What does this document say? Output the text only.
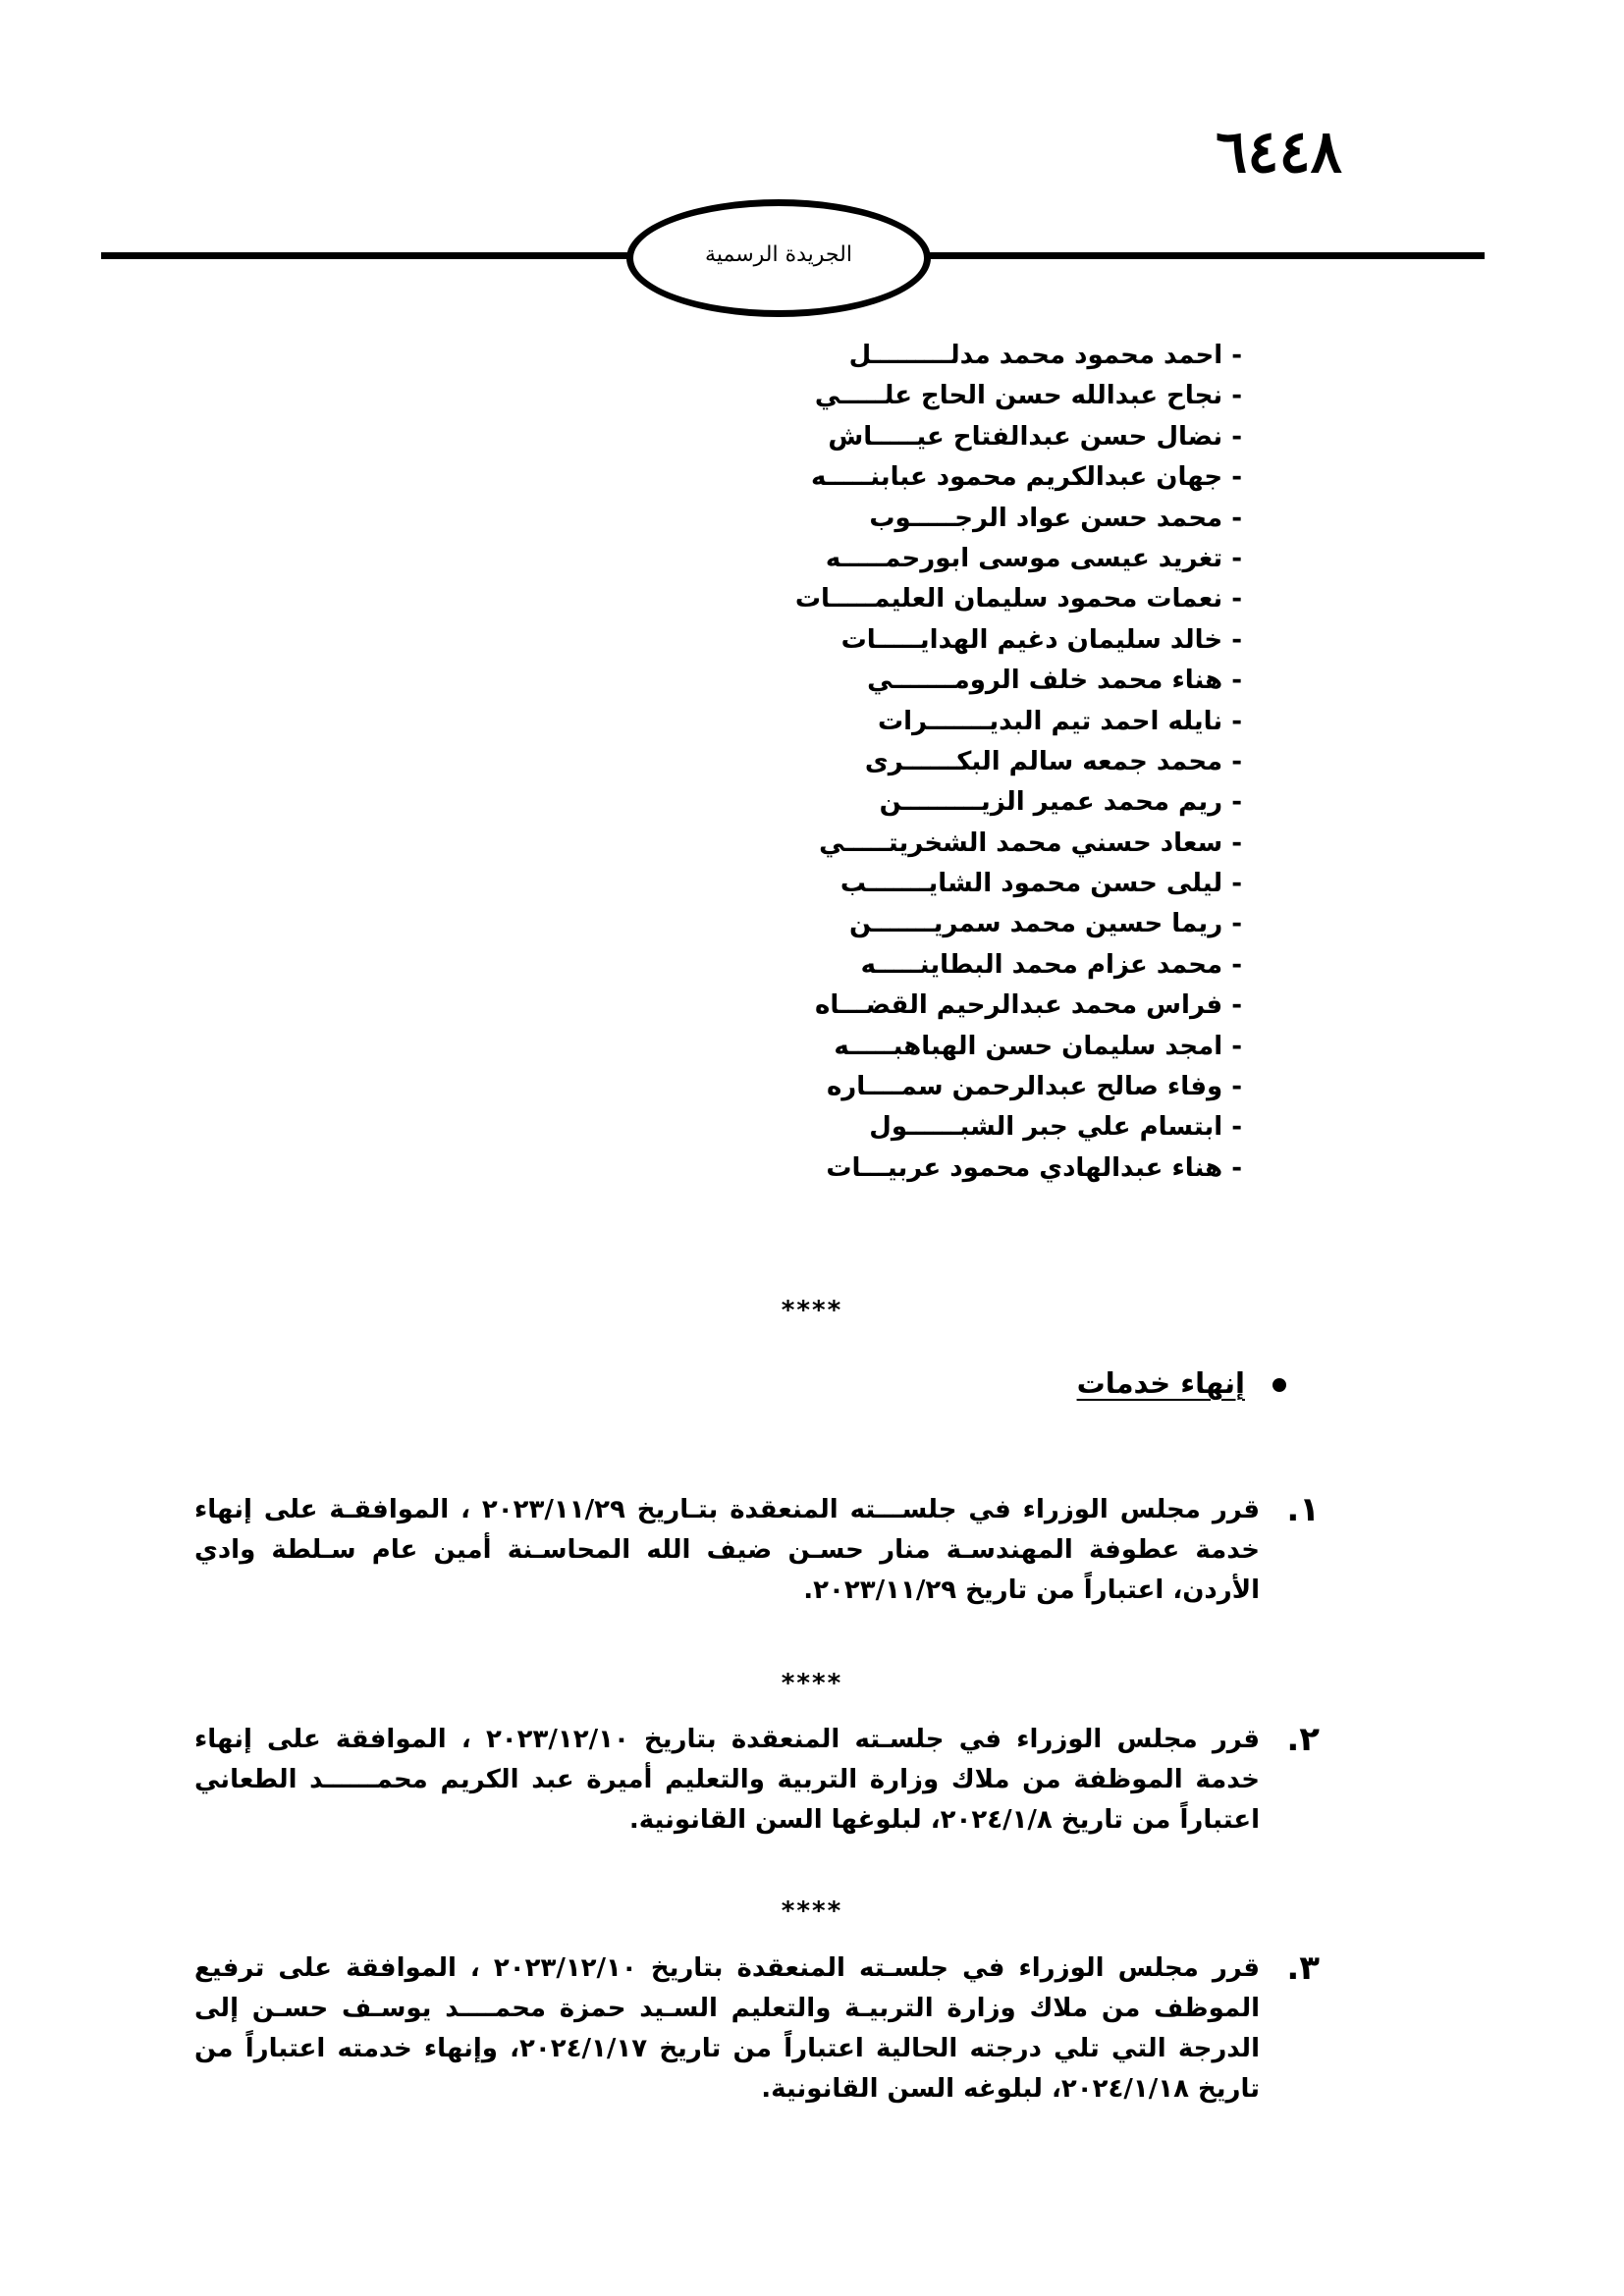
٦٤٤٨
الجريدة الرسمية
- احمد محمود محمد مدلـــــــــل
- نجاح عبدالله حسن الحاج علـــــي
- نضال حسن عبدالفتاح عيـــــاش
- جهان عبدالكريم محمود عبابنـــــه
- محمد حسن عواد الرجـــــوب
- تغريد عيسى موسى ابورحمـــــه
- نعمات محمود سليمان العليمـــــات
- خالد سليمان دغيم الهدايـــــات
- هناء محمد خلف الرومـــــــي
- نايله احمد تيم البديـــــــرات
- محمد جمعه سالم البكــــــرى
- ريم محمد عمير الزيـــــــــن
- سعاد حسني محمد الشخريتـــــي
- ليلى حسن محمود الشايـــــــب
- ريما حسين محمد سمريـــــــن
- محمد عزام محمد البطاينـــــه
- فراس محمد عبدالرحيم القضـــاه
- امجد سليمان حسن الهباهبـــــه
- وفاء صالح عبدالرحمن سمــــاره
- ابتسام علي جبر الشبــــــول
- هناء عبدالهادي محمود عربيـــات
****
إنهاء خدمات
١.
قرر مجلس الوزراء في جلســـته المنعقدة بتـاريخ ٢٠٢٣/١١/٢٩ ، الموافقـة على إنهاء خدمة عطوفة المهندسـة منار حسـن ضيف الله المحاسـنة أمين عام سـلطة وادي الأردن، اعتباراً من تاريخ ٢٠٢٣/١١/٢٩.
****
٢.
قرر مجلس الوزراء في جلسـته المنعقدة بتاريخ ٢٠٢٣/١٢/١٠ ، الموافقة على إنهاء خدمة الموظفة من ملاك وزارة التربية والتعليم أميرة عبد الكريم محمــــــد الطعاني اعتباراً من تاريخ ٢٠٢٤/١/٨، لبلوغها السن القانونية.
****
٣.
قرر مجلس الوزراء في جلسـته المنعقدة بتاريخ ٢٠٢٣/١٢/١٠ ، الموافقة على ترفيع الموظف من ملاك وزارة التربيـة والتعليم السـيد حمزة محمــــد يوسـف حسـن إلى الدرجة التي تلي درجته الحالية اعتباراً من تاريخ ٢٠٢٤/١/١٧، وإنهاء خدمته اعتباراً من تاريخ ٢٠٢٤/١/١٨، لبلوغه السن القانونية.
